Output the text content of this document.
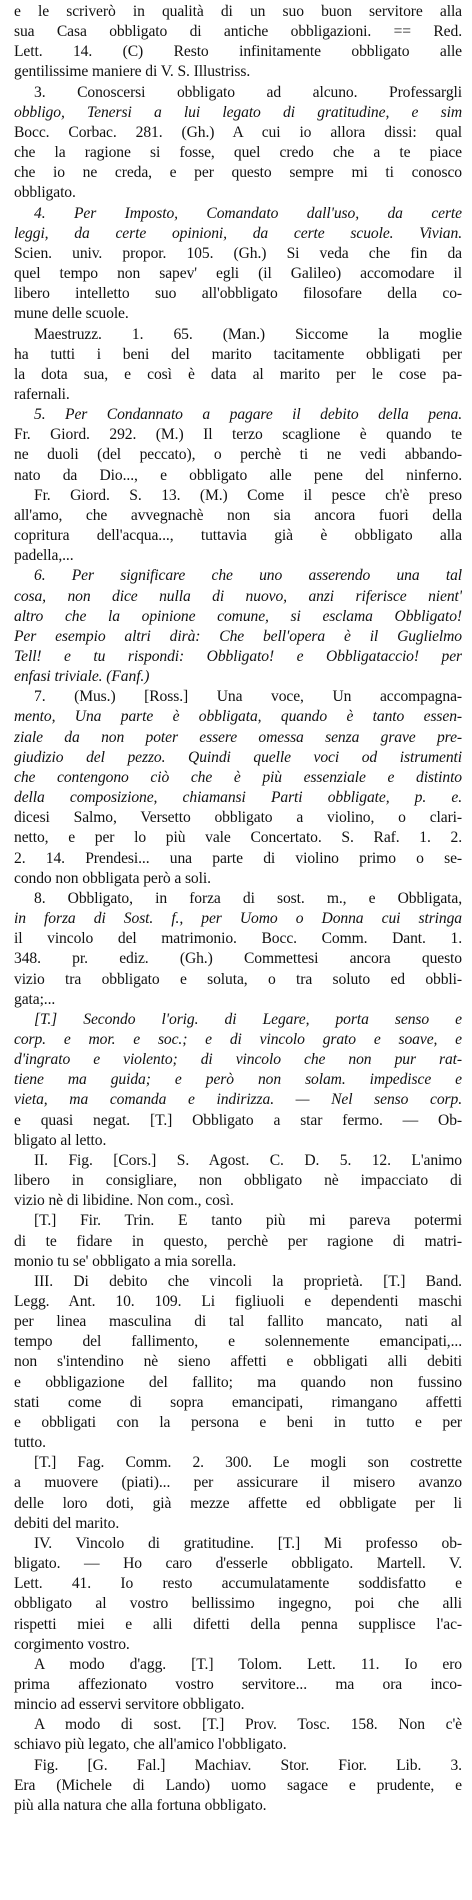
e le scriverò in qualità di un suo buon servitore alla
sua Casa obbligato di antiche obbligazioni. == Red.
Lett. 14. (C) Resto infinitamente obbligato alle
gentilissime maniere di V. S. Illustriss.
3. Conoscersi obbligato ad alcuno. Professargli
obbligo, Tenersi a lui legato di gratitudine, e sim
Bocc. Corbac. 281. (Gh.) A cui io allora dissi: qual
che la ragione si fosse, quel credo che a te piace
che io ne creda, e per questo sempre mi ti conosco
obbligato.
4. Per Imposto, Comandato dall'uso, da certe
leggi, da certe opinioni, da certe scuole. Vivian.
Scien. univ. propor. 105. (Gh.) Si veda che fin da
quel tempo non sapev' egli (il Galileo) accomodare il
libero intelletto suo all'obbligato filosofare della co-
mune delle scuole.
Maestruzz. 1. 65. (Man.) Siccome la moglie
ha tutti i beni del marito tacitamente obbligati per
la dota sua, e così è data al marito per le cose pa-
rafernali.
5. Per Condannato a pagare il debito della pena.
Fr. Giord. 292. (M.) Il terzo scaglione è quando te
ne duoli (del peccato), o perchè ti ne vedi abbando-
nato da Dio..., e obbligato alle pene del ninferno.
Fr. Giord. S. 13. (M.) Come il pesce ch'è preso
all'amo, che avvegnachè non sia ancora fuori della
copritura dell'acqua..., tuttavia già è obbligato alla
padella,...
6. Per significare che uno asserendo una tal
cosa, non dice nulla di nuovo, anzi riferisce nient'
altro che la opinione comune, si esclama Obbligato!
Per esempio altri dirà: Che bell'opera è il Guglielmo
Tell! e tu rispondi: Obbligato! e Obbligataccio! per
enfasi triviale. (Fanf.)
7. (Mus.) [Ross.] Una voce, Un accompagna-
mento, Una parte è obbligata, quando è tanto essen-
ziale da non poter essere omessa senza grave pre-
giudizio del pezzo. Quindi quelle voci od istrumenti
che contengono ciò che è più essenziale e distinto
della composizione, chiamansi Parti obbligate, p. e.
dicesi Salmo, Versetto obbligato a violino, o clari-
netto, e per lo più vale Concertato. S. Raf. 1. 2.
2. 14. Prendesi... una parte di violino primo o se-
condo non obbligata però a soli.
8. Obbligato, in forza di sost. m., e Obbligata,
in forza di Sost. f., per Uomo o Donna cui stringa
il vincolo del matrimonio. Bocc. Comm. Dant. 1.
348. pr. ediz. (Gh.) Commettesi ancora questo
vizio tra obbligato e soluta, o tra soluto ed obbli-
gata;...
[T.] Secondo l'orig. di Legare, porta senso e
corp. e mor. e soc.; e di vincolo grato e soave, e
d'ingrato e violento; di vincolo che non pur rat-
tiene ma guida; e però non solam. impedisce e
vieta, ma comanda e indirizza. — Nel senso corp.
e quasi negat. [T.] Obbligato a star fermo. — Ob-
bligato al letto.
II. Fig. [Cors.] S. Agost. C. D. 5. 12. L'animo
libero in consigliare, non obbligato nè impacciato di
vizio nè di libidine. Non com., così.
[T.] Fir. Trin. E tanto più mi pareva potermi
di te fidare in questo, perchè per ragione di matri-
monio tu se' obbligato a mia sorella.
III. Di debito che vincoli la proprietà. [T.] Band.
Legg. Ant. 10. 109. Li figliuoli e dependenti maschi
per linea masculina di tal fallito mancato, nati al
tempo del fallimento, e solennemente emancipati,...
non s'intendino nè sieno affetti e obbligati alli debiti
e obbligazione del fallito; ma quando non fussino
stati come di sopra emancipati, rimangano affetti
e obbligati con la persona e beni in tutto e per
tutto.
[T.] Fag. Comm. 2. 300. Le mogli son costrette
a muovere (piati)... per assicurare il misero avanzo
delle loro doti, già mezze affette ed obbligate per li
debiti del marito.
IV. Vincolo di gratitudine. [T.] Mi professo ob-
bligato. — Ho caro d'esserle obbligato. Martell. V.
Lett. 41. Io resto accumulatamente soddisfatto e
obbligato al vostro bellissimo ingegno, poi che alli
rispetti miei e alli difetti della penna supplisce l'ac-
corgimento vostro.
A modo d'agg. [T.] Tolom. Lett. 11. Io ero
prima affezionato vostro servitore... ma ora inco-
mincio ad esservi servitore obbligato.
A modo di sost. [T.] Prov. Tosc. 158. Non c'è
schiavo più legato, che all'amico l'obbligato.
Fig. [G. Fal.] Machiav. Stor. Fior. Lib. 3.
Era (Michele di Lando) uomo sagace e prudente, e
più alla natura che alla fortuna obbligato.
